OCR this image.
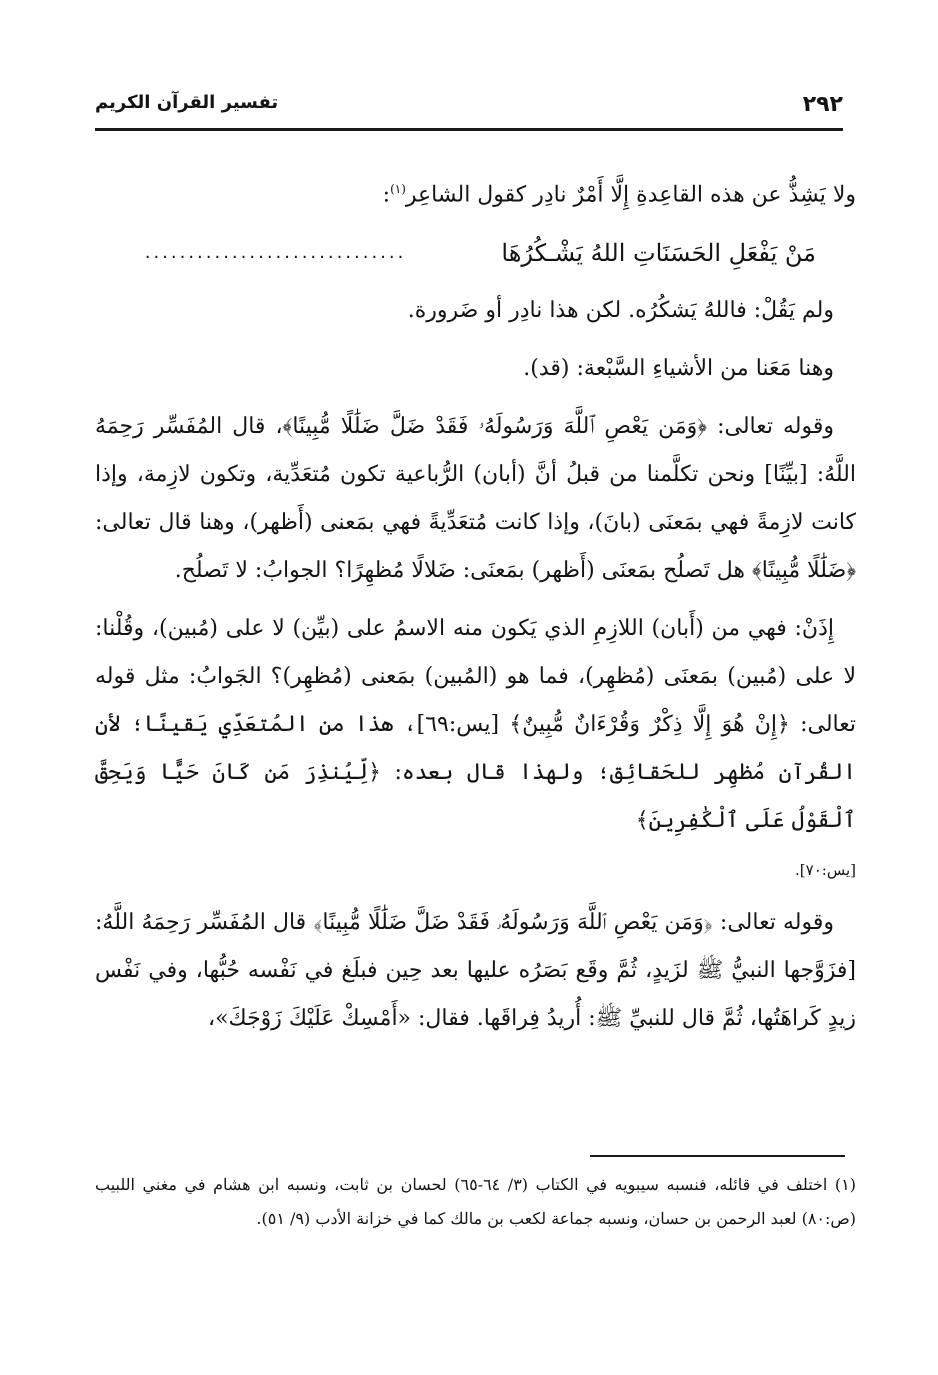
٢٩٢
تفسير القرآن الكريم

ولا يَشِذُّ عن هذه القاعِدةِ إِلَّا أَمْرٌ نادِر كقول الشاعِر$^{(١)}$:

مَنْ يَفْعَلِ الحَسَنَاتِ اللهُ يَشْـكُرُهَا
..............................

ولم يَقُلْ: فاللهُ يَشكُرُه. لكن هذا نادِر أو ضَرورة.

وهنا مَعَنا من الأشياءِ السَّبْعة: (قد).

وقوله تعالى: ﴿وَمَن يَعْصِ ٱللَّهَ وَرَسُولَهُۥ فَقَدْ ضَلَّ ضَلَٰلًا مُّبِينًا﴾، قال المُفَسِّر رَحِمَهُ اللَّهُ: [بيِّنًا] ونحن تكلَّمنا من قبلُ أنَّ (أبان) الرُّباعية تكون مُتعَدِّية، وتكون لازِمة، وإذا كانت لازِمةً فهي بمَعنَى (بانَ)، وإذا كانت مُتعَدِّيةً فهي بمَعنى (أَظهر)، وهنا قال تعالى: ﴿ضَلَٰلًا مُّبِينًا﴾ هل تَصلُح بمَعنَى (أَظهر) بمَعنَى: ضَلالًا مُظهِرًا؟ الجوابُ: لا تَصلُح.

إِذَنْ: فهي من (أَبان) اللازِمِ الذي يَكون منه الاسمُ على (بيِّن) لا على (مُبين)، وقُلْنا: لا على (مُبين) بمَعنَى (مُظهِر)، فما هو (المُبين) بمَعنى (مُظهِر)؟ الجَوابُ: مثل قوله تعالى: ﴿إِنْ هُوَ إِلَّا ذِكْرٌ وَقُرْءَانٌ مُّبِينٌ﴾ [يس:٦٩]، هذا من المُتعَدِّي يَقينًا؛ لأن القُرآن مُظهِر للحَقائِق؛ ولهذا قال بعده: ﴿لِّيُنذِرَ مَن كَانَ حَيًّا وَيَحِقَّ ٱلْقَوْلُ عَلَى ٱلْكَٰفِرِينَ﴾

[يس:٧٠].

وقوله تعالى: ﴿وَمَن يَعْصِ ٱللَّهَ وَرَسُولَهُۥ فَقَدْ ضَلَّ ضَلَٰلًا مُّبِينًا﴾ قال المُفَسِّر رَحِمَهُ اللَّهُ: [فزَوَّجها النبيُّ ﷺ لزَيدٍ، ثُمَّ وقَع بَصَرُه عليها بعد حِين فبلَغ في نَفْسه حُبُّها، وفي نَفْس زيدٍ كَراهَتُها، ثُمَّ قال للنبيِّ ﷺ: أُريدُ فِراقَها. فقال: «أَمْسِكْ عَلَيْكَ زَوْجَكَ»،

(١) اختلف في قائله، فنسبه سيبويه في الكتاب (٣/ ٦٤-٦٥) لحسان بن ثابت، ونسبه ابن هشام في مغني اللبيب (ص:٨٠) لعبد الرحمن بن حسان، ونسبه جماعة لكعب بن مالك كما في خزانة الأدب (٩/ ٥١).
